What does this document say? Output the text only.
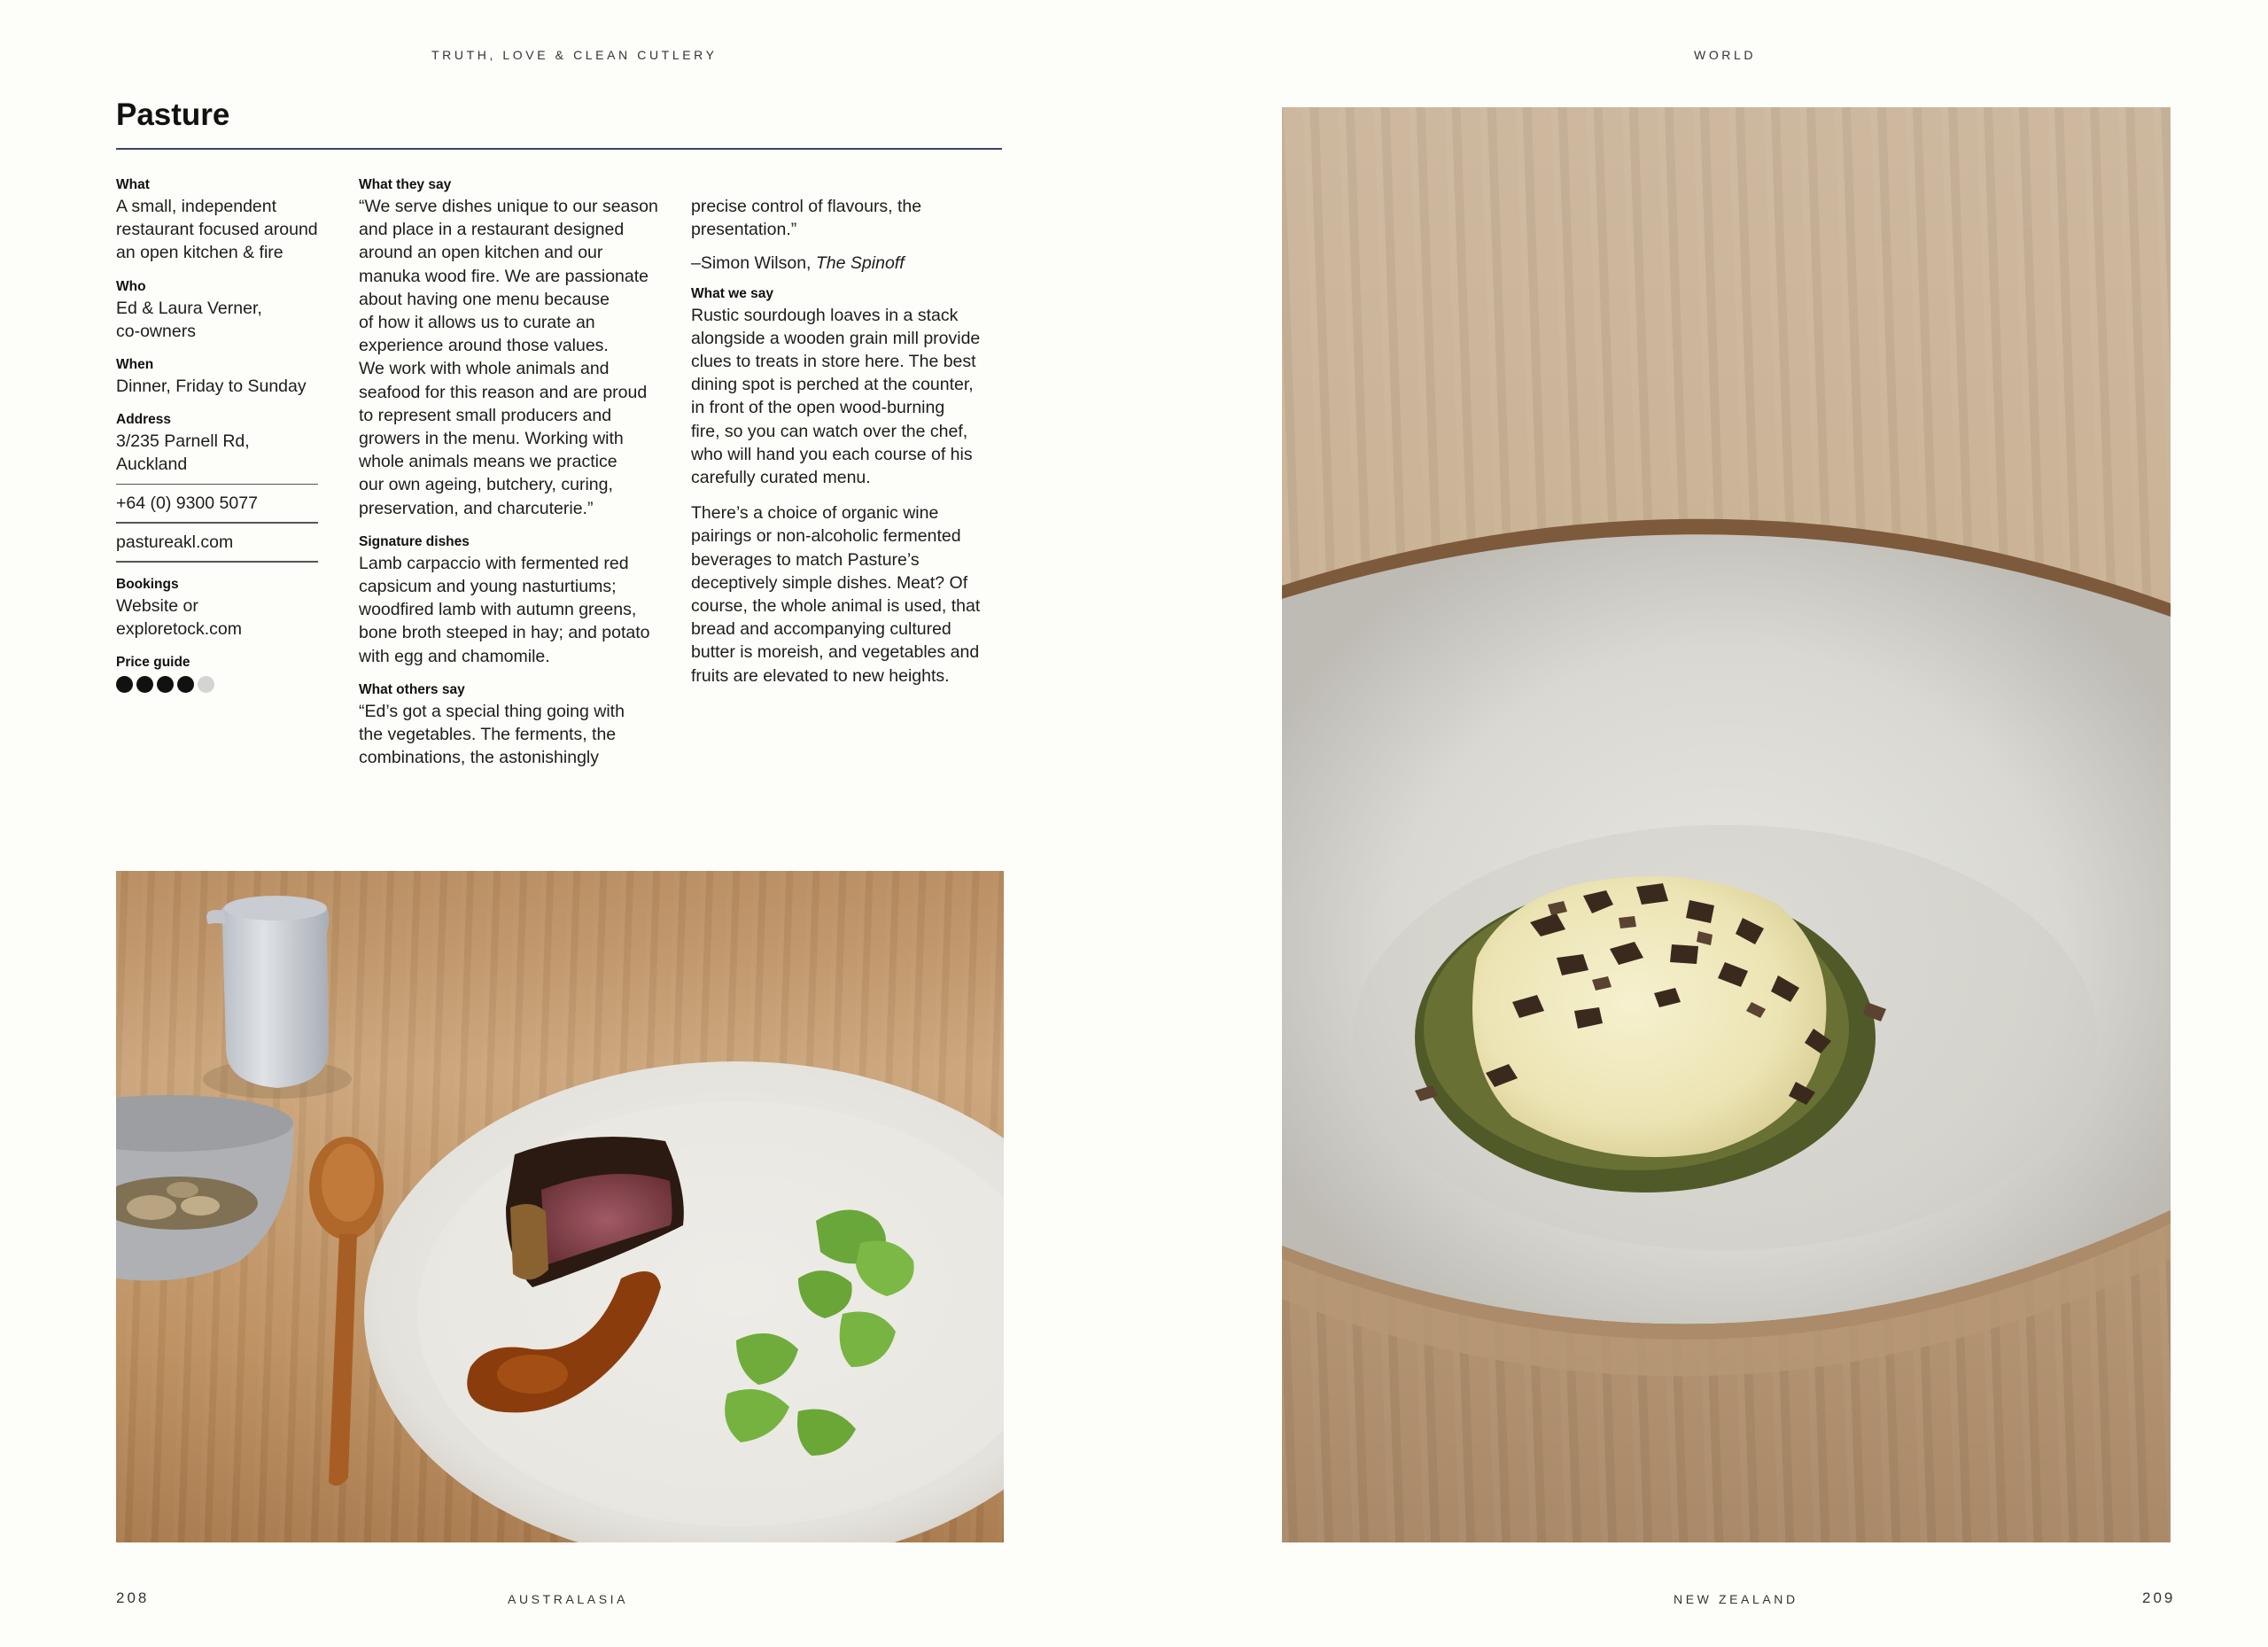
TRUTH, LOVE & CLEAN CUTLERY	WORLD
Pasture
What
A small, independent
restaurant focused around
an open kitchen & fire
Who
Ed & Laura Verner,
co-owners
When
Dinner, Friday to Sunday
Address
3/235 Parnell Rd,
Auckland
+64 (0) 9300 5077
pastureakl.com
Bookings
Website or exploretock.com
Price guide
What they say
“We serve dishes unique to our season
and place in a restaurant designed
around an open kitchen and our
manuka wood fire. We are passionate
about having one menu because
of how it allows us to curate an
experience around those values.
We work with whole animals and
seafood for this reason and are proud
to represent small producers and
growers in the menu. Working with
whole animals means we practice
our own ageing, butchery, curing,
preservation, and charcuterie.”
Signature dishes
Lamb carpaccio with fermented red
capsicum and young nasturtiums;
woodfired lamb with autumn greens,
bone broth steeped in hay; and potato
with egg and chamomile.
What others say
“Ed’s got a special thing going with
the vegetables. The ferments, the
combinations, the astonishingly
precise control of flavours, the
presentation.”
–Simon Wilson, The Spinoff
What we say
Rustic sourdough loaves in a stack
alongside a wooden grain mill provide
clues to treats in store here. The best
dining spot is perched at the counter,
in front of the open wood-burning
fire, so you can watch over the chef,
who will hand you each course of his
carefully curated menu.
There’s a choice of organic wine
pairings or non-alcoholic fermented
beverages to match Pasture’s
deceptively simple dishes. Meat? Of
course, the whole animal is used, that
bread and accompanying cultured
butter is moreish, and vegetables and
fruits are elevated to new heights.
208	AUSTRALASIA	NEW ZEALAND	209
